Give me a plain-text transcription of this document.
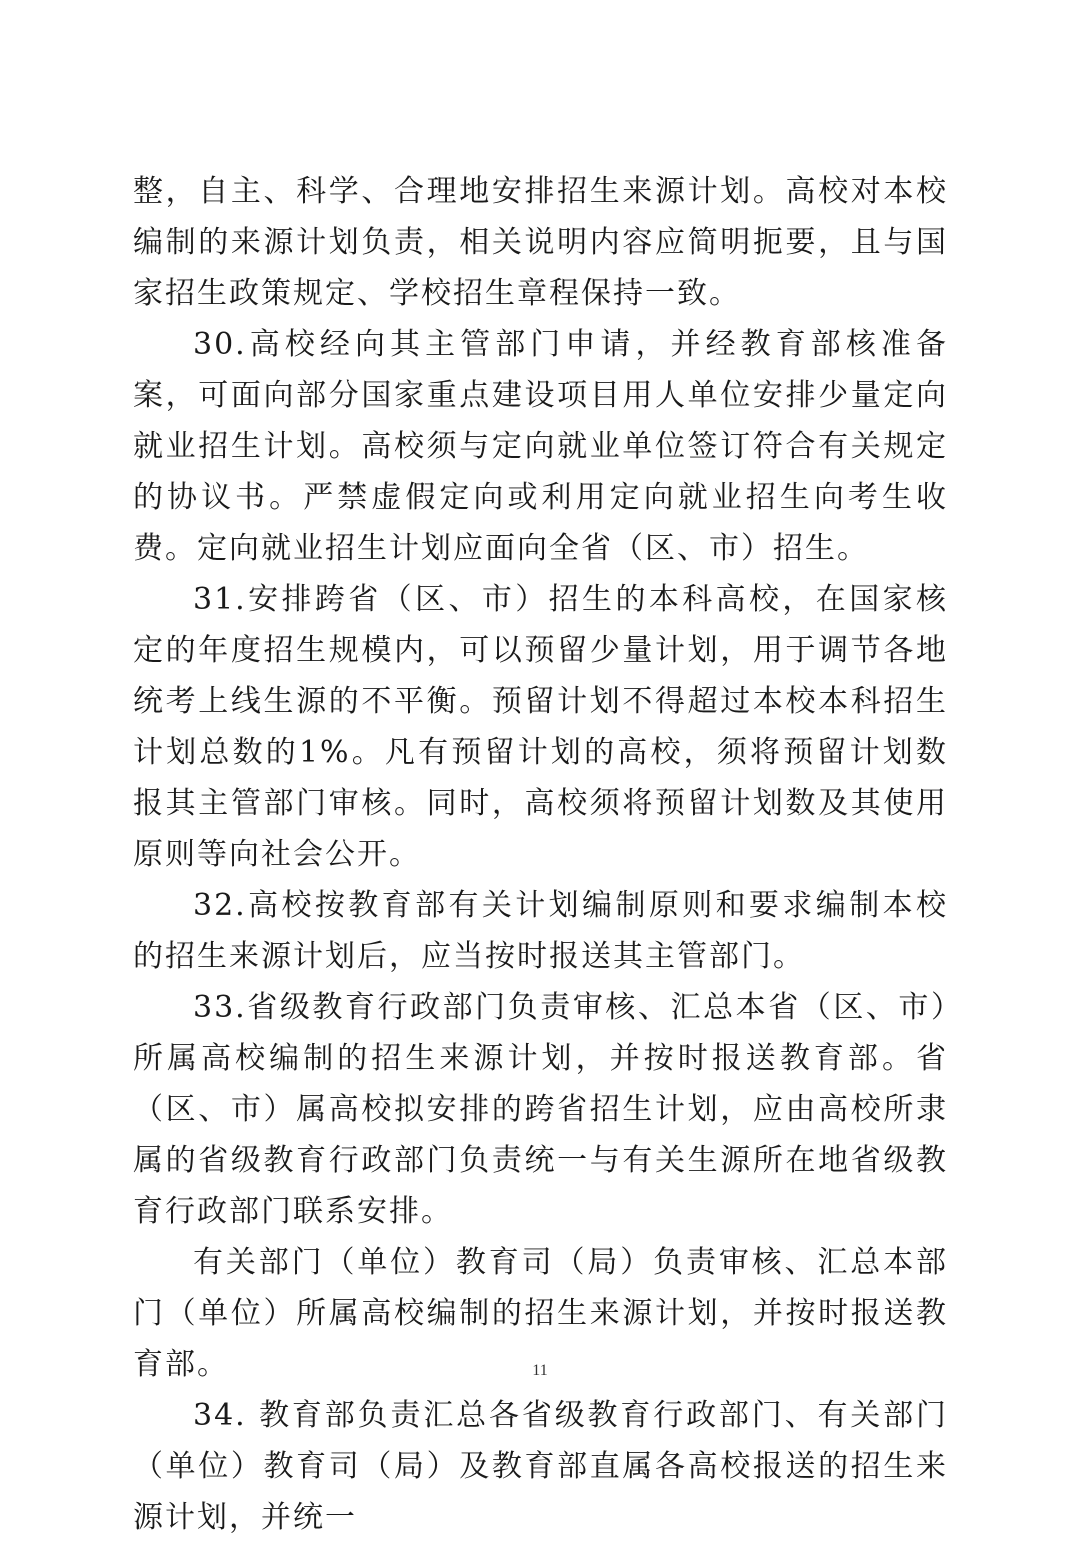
整，自主、科学、合理地安排招生来源计划。高校对本校编制的来源计划负责，相关说明内容应简明扼要，且与国家招生政策规定、学校招生章程保持一致。

30.高校经向其主管部门申请，并经教育部核准备案，可面向部分国家重点建设项目用人单位安排少量定向就业招生计划。高校须与定向就业单位签订符合有关规定的协议书。严禁虚假定向或利用定向就业招生向考生收费。定向就业招生计划应面向全省（区、市）招生。

31.安排跨省（区、市）招生的本科高校，在国家核定的年度招生规模内，可以预留少量计划，用于调节各地统考上线生源的不平衡。预留计划不得超过本校本科招生计划总数的1%。凡有预留计划的高校，须将预留计划数报其主管部门审核。同时，高校须将预留计划数及其使用原则等向社会公开。

32.高校按教育部有关计划编制原则和要求编制本校的招生来源计划后，应当按时报送其主管部门。

33.省级教育行政部门负责审核、汇总本省（区、市）所属高校编制的招生来源计划，并按时报送教育部。省（区、市）属高校拟安排的跨省招生计划，应由高校所隶属的省级教育行政部门负责统一与有关生源所在地省级教育行政部门联系安排。

有关部门（单位）教育司（局）负责审核、汇总本部门（单位）所属高校编制的招生来源计划，并按时报送教育部。

34. 教育部负责汇总各省级教育行政部门、有关部门（单位）教育司（局）及教育部直属各高校报送的招生来源计划，并统一

11
